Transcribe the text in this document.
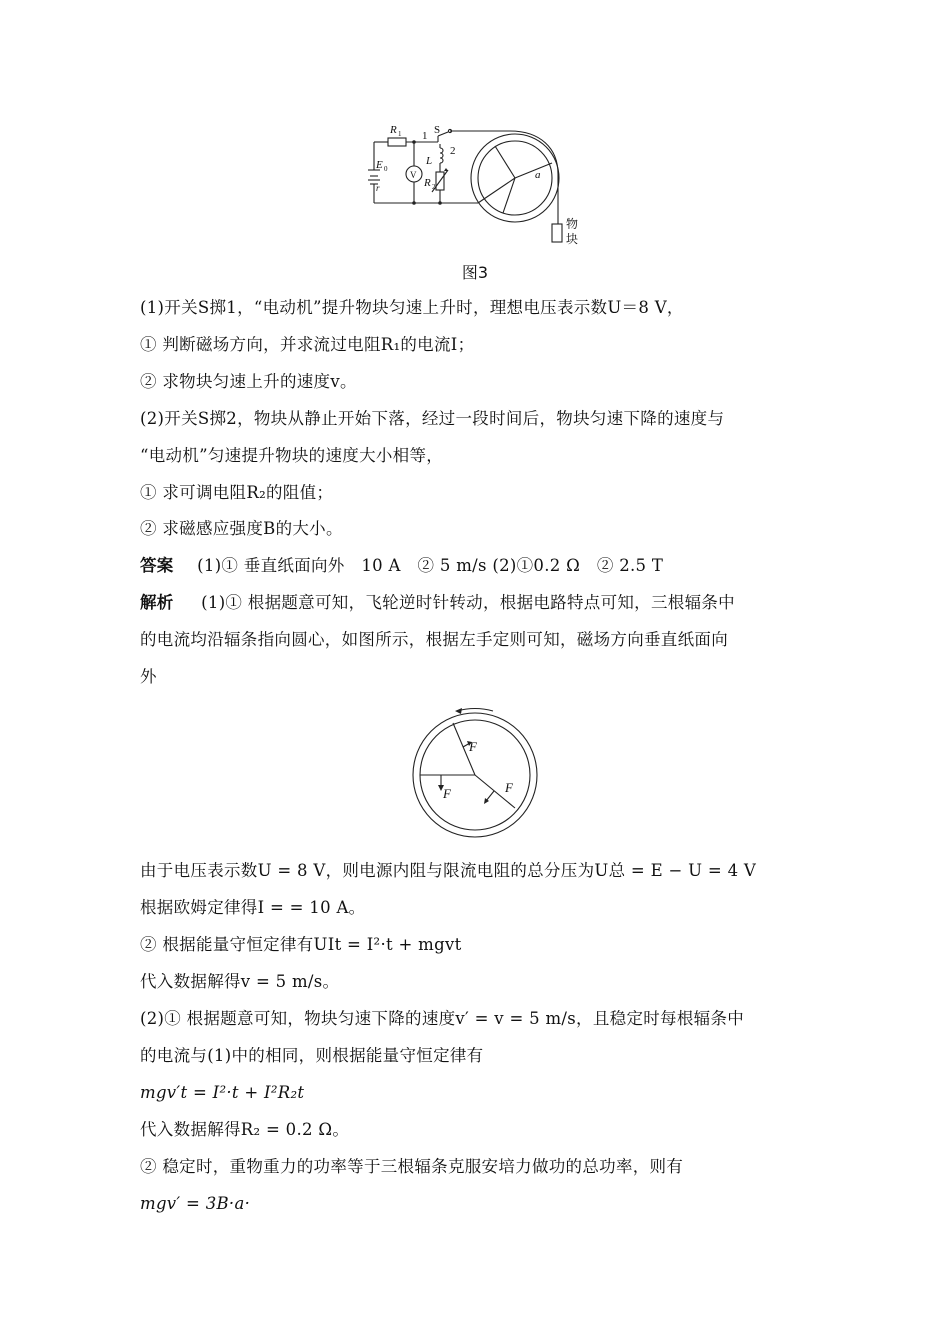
R 1 1 S
2
L
E 0
r
V
R 2
a
物
块
图3
(1)开关S掷1，“电动机”提升物块匀速上升时，理想电压表示数U＝8 V，
① 判断磁场方向，并求流过电阻R₁的电流I；
② 求物块匀速上升的速度v。
(2)开关S掷2，物块从静止开始下落，经过一段时间后，物块匀速下降的速度与
“电动机”匀速提升物块的速度大小相等，
① 求可调电阻R₂的阻值；
② 求磁感应强度B的大小。
答案 (1)① 垂直纸面向外　10 A　② 5 m/s (2)①0.2 Ω　② 2.5 T
解析 (1)① 根据题意可知，飞轮逆时针转动，根据电路特点可知，三根辐条中
的电流均沿辐条指向圆心，如图所示，根据左手定则可知，磁场方向垂直纸面向
外
F
F	F
由于电压表示数U = 8 V，则电源内阻与限流电阻的总分压为U总 = E − U = 4 V
根据欧姆定律得I = = 10 A。
② 根据能量守恒定律有UIt = I²·t + mgvt
代入数据解得v = 5 m/s。
(2)① 根据题意可知，物块匀速下降的速度v′ = v = 5 m/s，且稳定时每根辐条中
的电流与(1)中的相同，则根据能量守恒定律有
mgv′t = I²·t + I²R₂t
代入数据解得R₂ = 0.2 Ω。
② 稳定时，重物重力的功率等于三根辐条克服安培力做功的总功率，则有
mgv′ = 3B·a·
